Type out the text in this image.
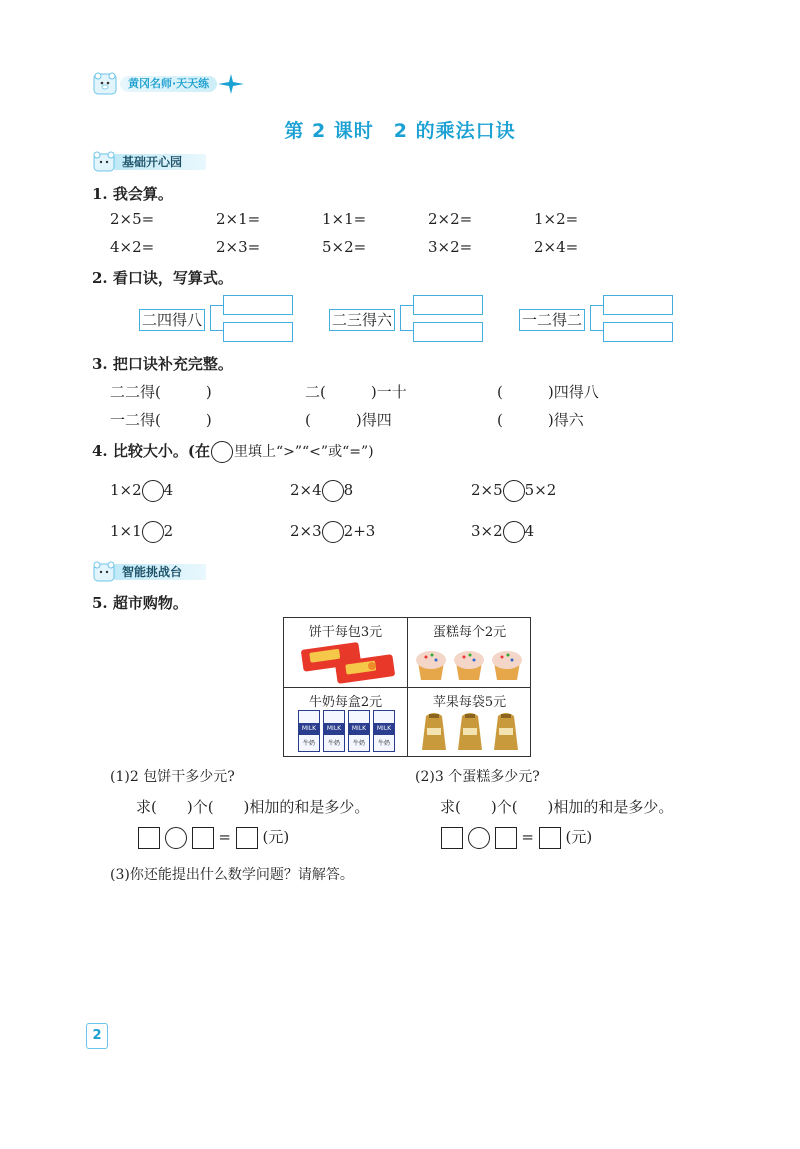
黄冈名师·天天练
第 2 课时　2 的乘法口诀
基础开心园
1. 我会算。
2×5=	2×1=	1×1=	2×2=	1×2=
4×2=	2×3=	5×2=	3×2=	2×4=
2. 看口诀，写算式。
二四得八	二三得六	一二得二
3. 把口诀补充完整。
二二得(　　　)	二(　　　)一十	(　　　)四得八
一二得(　　　)	(　　　)得四	(　　　)得六
4. 比较大小。(在 里填上“>”“<”或“=”)
1×2 4	2×4 8	2×5 5×2
1×1 2	2×3 2+3	3×2 4
智能挑战台
5. 超市购物。
饼干每包3元	蛋糕每个2元
牛奶每盒2元
MILK
牛奶
MILK
牛奶
MILK
牛奶
MILK
牛奶
苹果每袋5元
(1)2 包饼干多少元?	(2)3 个蛋糕多少元?
求(　　)个(　　)相加的和是多少。	求(　　)个(　　)相加的和是多少。
= (元)	= (元)
(3)你还能提出什么数学问题？请解答。
2
